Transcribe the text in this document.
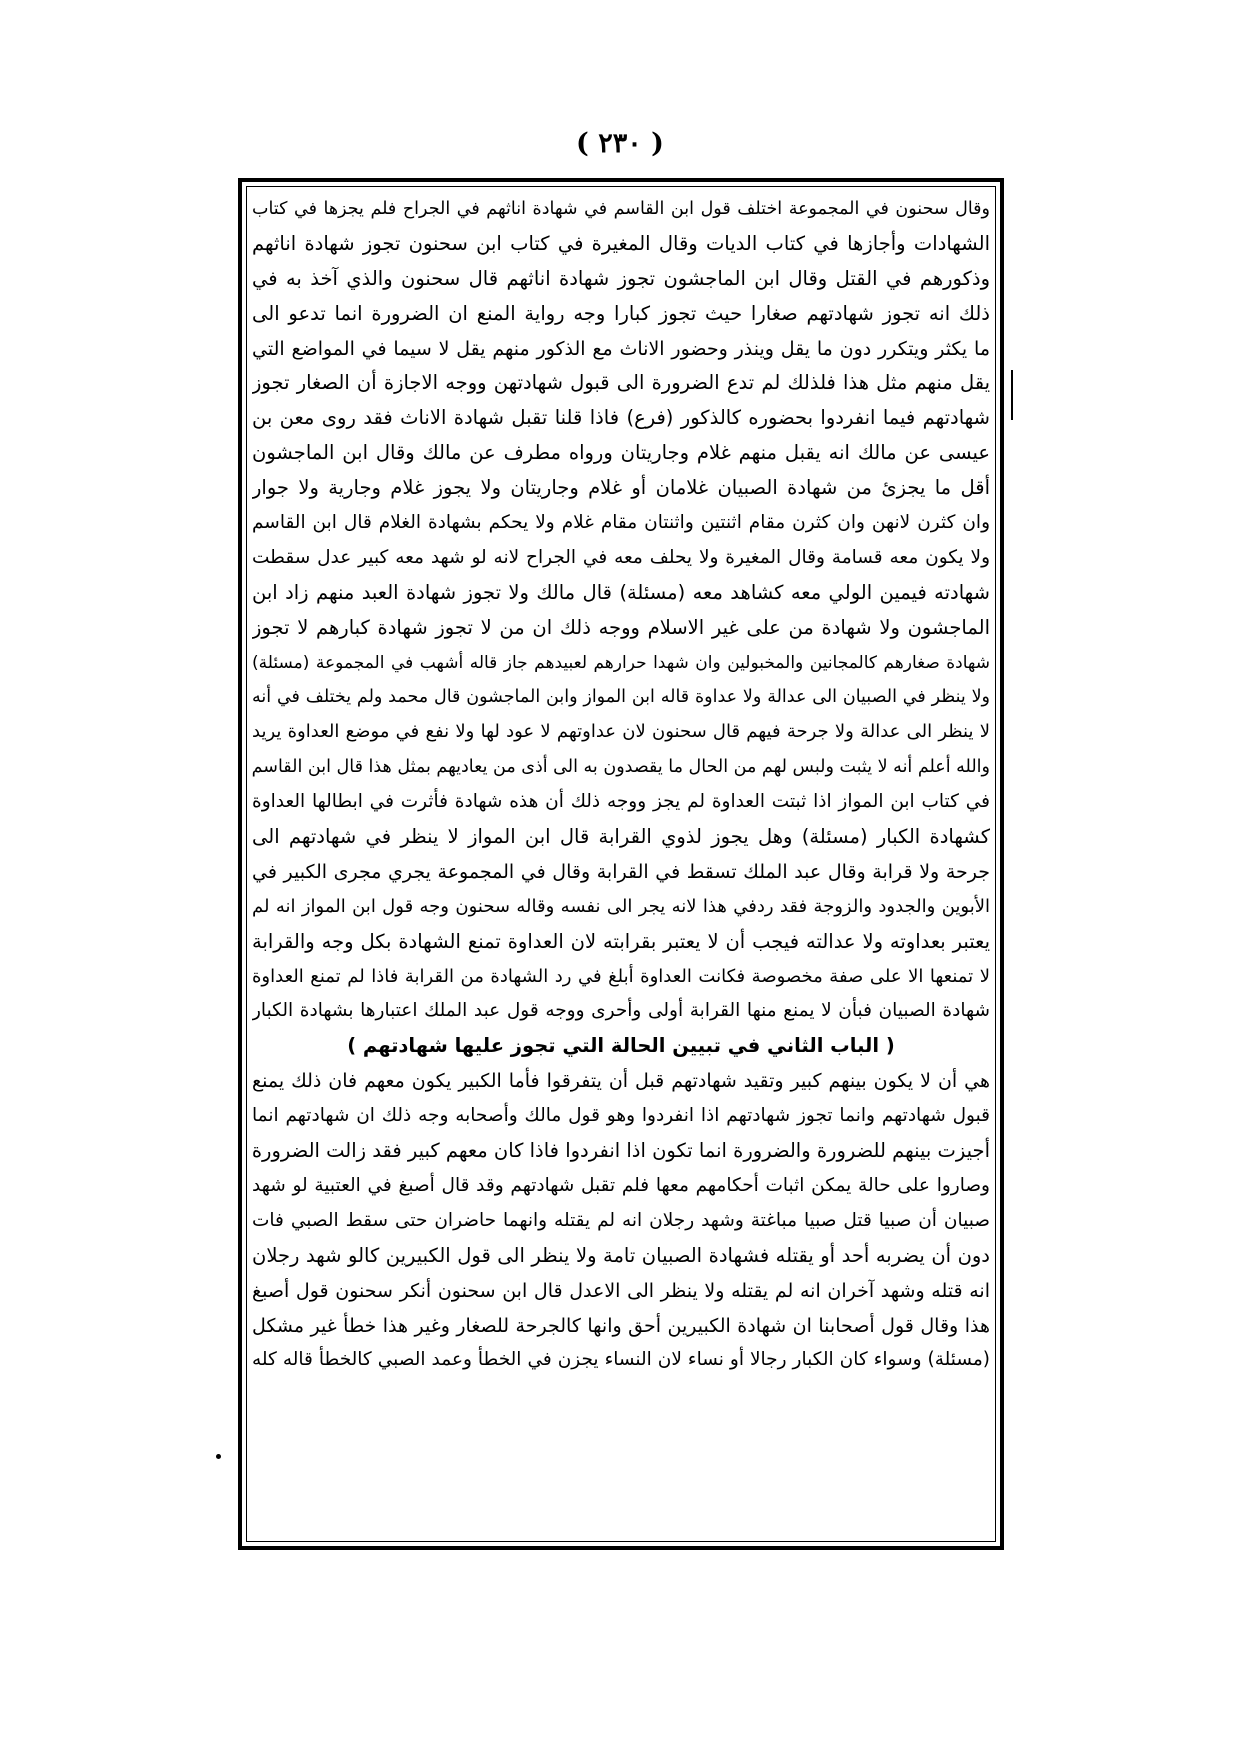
( ٢٣٠ )
وقال سحنون في المجموعة اختلف قول ابن القاسم في شهادة اناثهم في الجراح فلم يجزها في كتاب
الشهادات وأجازها في كتاب الديات وقال المغيرة في كتاب ابن سحنون تجوز شهادة اناثهم
وذكورهم في القتل وقال ابن الماجشون تجوز شهادة اناثهم قال سحنون والذي آخذ به في
ذلك انه تجوز شهادتهم صغارا حيث تجوز كبارا وجه رواية المنع ان الضرورة انما تدعو الى
ما يكثر ويتكرر دون ما يقل وينذر وحضور الاناث مع الذكور منهم يقل لا سيما في المواضع التي
يقل منهم مثل هذا فلذلك لم تدع الضرورة الى قبول شهادتهن ووجه الاجازة أن الصغار تجوز
شهادتهم فيما انفردوا بحضوره كالذكور (فرع) فاذا قلنا تقبل شهادة الاناث فقد روى معن بن
عيسى عن مالك انه يقبل منهم غلام وجاريتان ورواه مطرف عن مالك وقال ابن الماجشون
أقل ما يجزئ من شهادة الصبيان غلامان أو غلام وجاريتان ولا يجوز غلام وجارية ولا جوار
وان كثرن لانهن وان كثرن مقام اثنتين واثنتان مقام غلام ولا يحكم بشهادة الغلام قال ابن القاسم
ولا يكون معه قسامة وقال المغيرة ولا يحلف معه في الجراح لانه لو شهد معه كبير عدل سقطت
شهادته فيمين الولي معه كشاهد معه (مسئلة) قال مالك ولا تجوز شهادة العبد منهم زاد ابن
الماجشون ولا شهادة من على غير الاسلام ووجه ذلك ان من لا تجوز شهادة كبارهم لا تجوز
شهادة صغارهم كالمجانين والمخبولين وان شهدا حرارهم لعبيدهم جاز قاله أشهب في المجموعة (مسئلة)
ولا ينظر في الصبيان الى عدالة ولا عداوة قاله ابن المواز وابن الماجشون قال محمد ولم يختلف في أنه
لا ينظر الى عدالة ولا جرحة فيهم قال سحنون لان عداوتهم لا عود لها ولا نفع في موضع العداوة يريد
والله أعلم أنه لا يثبت ولبس لهم من الحال ما يقصدون به الى أذى من يعاديهم بمثل هذا قال ابن القاسم
في كتاب ابن المواز اذا ثبتت العداوة لم يجز ووجه ذلك أن هذه شهادة فأثرت في ابطالها العداوة
كشهادة الكبار (مسئلة) وهل يجوز لذوي القرابة قال ابن المواز لا ينظر في شهادتهم الى
جرحة ولا قرابة وقال عبد الملك تسقط في القرابة وقال في المجموعة يجري مجرى الكبير في
الأبوين والجدود والزوجة فقد ردفي هذا لانه يجر الى نفسه وقاله سحنون وجه قول ابن المواز انه لم
يعتبر بعداوته ولا عدالته فيجب أن لا يعتبر بقرابته لان العداوة تمنع الشهادة بكل وجه والقرابة
لا تمنعها الا على صفة مخصوصة فكانت العداوة أبلغ في رد الشهادة من القرابة فاذا لم تمنع العداوة
شهادة الصبيان فبأن لا يمنع منها القرابة أولى وأحرى ووجه قول عبد الملك اعتبارها بشهادة الكبار
( الباب الثاني في تبيين الحالة التي تجوز عليها شهادتهم )
هي أن لا يكون بينهم كبير وتقيد شهادتهم قبل أن يتفرقوا فأما الكبير يكون معهم فان ذلك يمنع
قبول شهادتهم وانما تجوز شهادتهم اذا انفردوا وهو قول مالك وأصحابه وجه ذلك ان شهادتهم انما
أجيزت بينهم للضرورة والضرورة انما تكون اذا انفردوا فاذا كان معهم كبير فقد زالت الضرورة
وصاروا على حالة يمكن اثبات أحكامهم معها فلم تقبل شهادتهم وقد قال أصبغ في العتبية لو شهد
صبيان أن صبيا قتل صبيا مباغتة وشهد رجلان انه لم يقتله وانهما حاضران حتى سقط الصبي فات
دون أن يضربه أحد أو يقتله فشهادة الصبيان تامة ولا ينظر الى قول الكبيرين كالو شهد رجلان
انه قتله وشهد آخران انه لم يقتله ولا ينظر الى الاعدل قال ابن سحنون أنكر سحنون قول أصبغ
هذا وقال قول أصحابنا ان شهادة الكبيرين أحق وانها كالجرحة للصغار وغير هذا خطأ غير مشكل
(مسئلة) وسواء كان الكبار رجالا أو نساء لان النساء يجزن في الخطأ وعمد الصبي كالخطأ قاله كله
